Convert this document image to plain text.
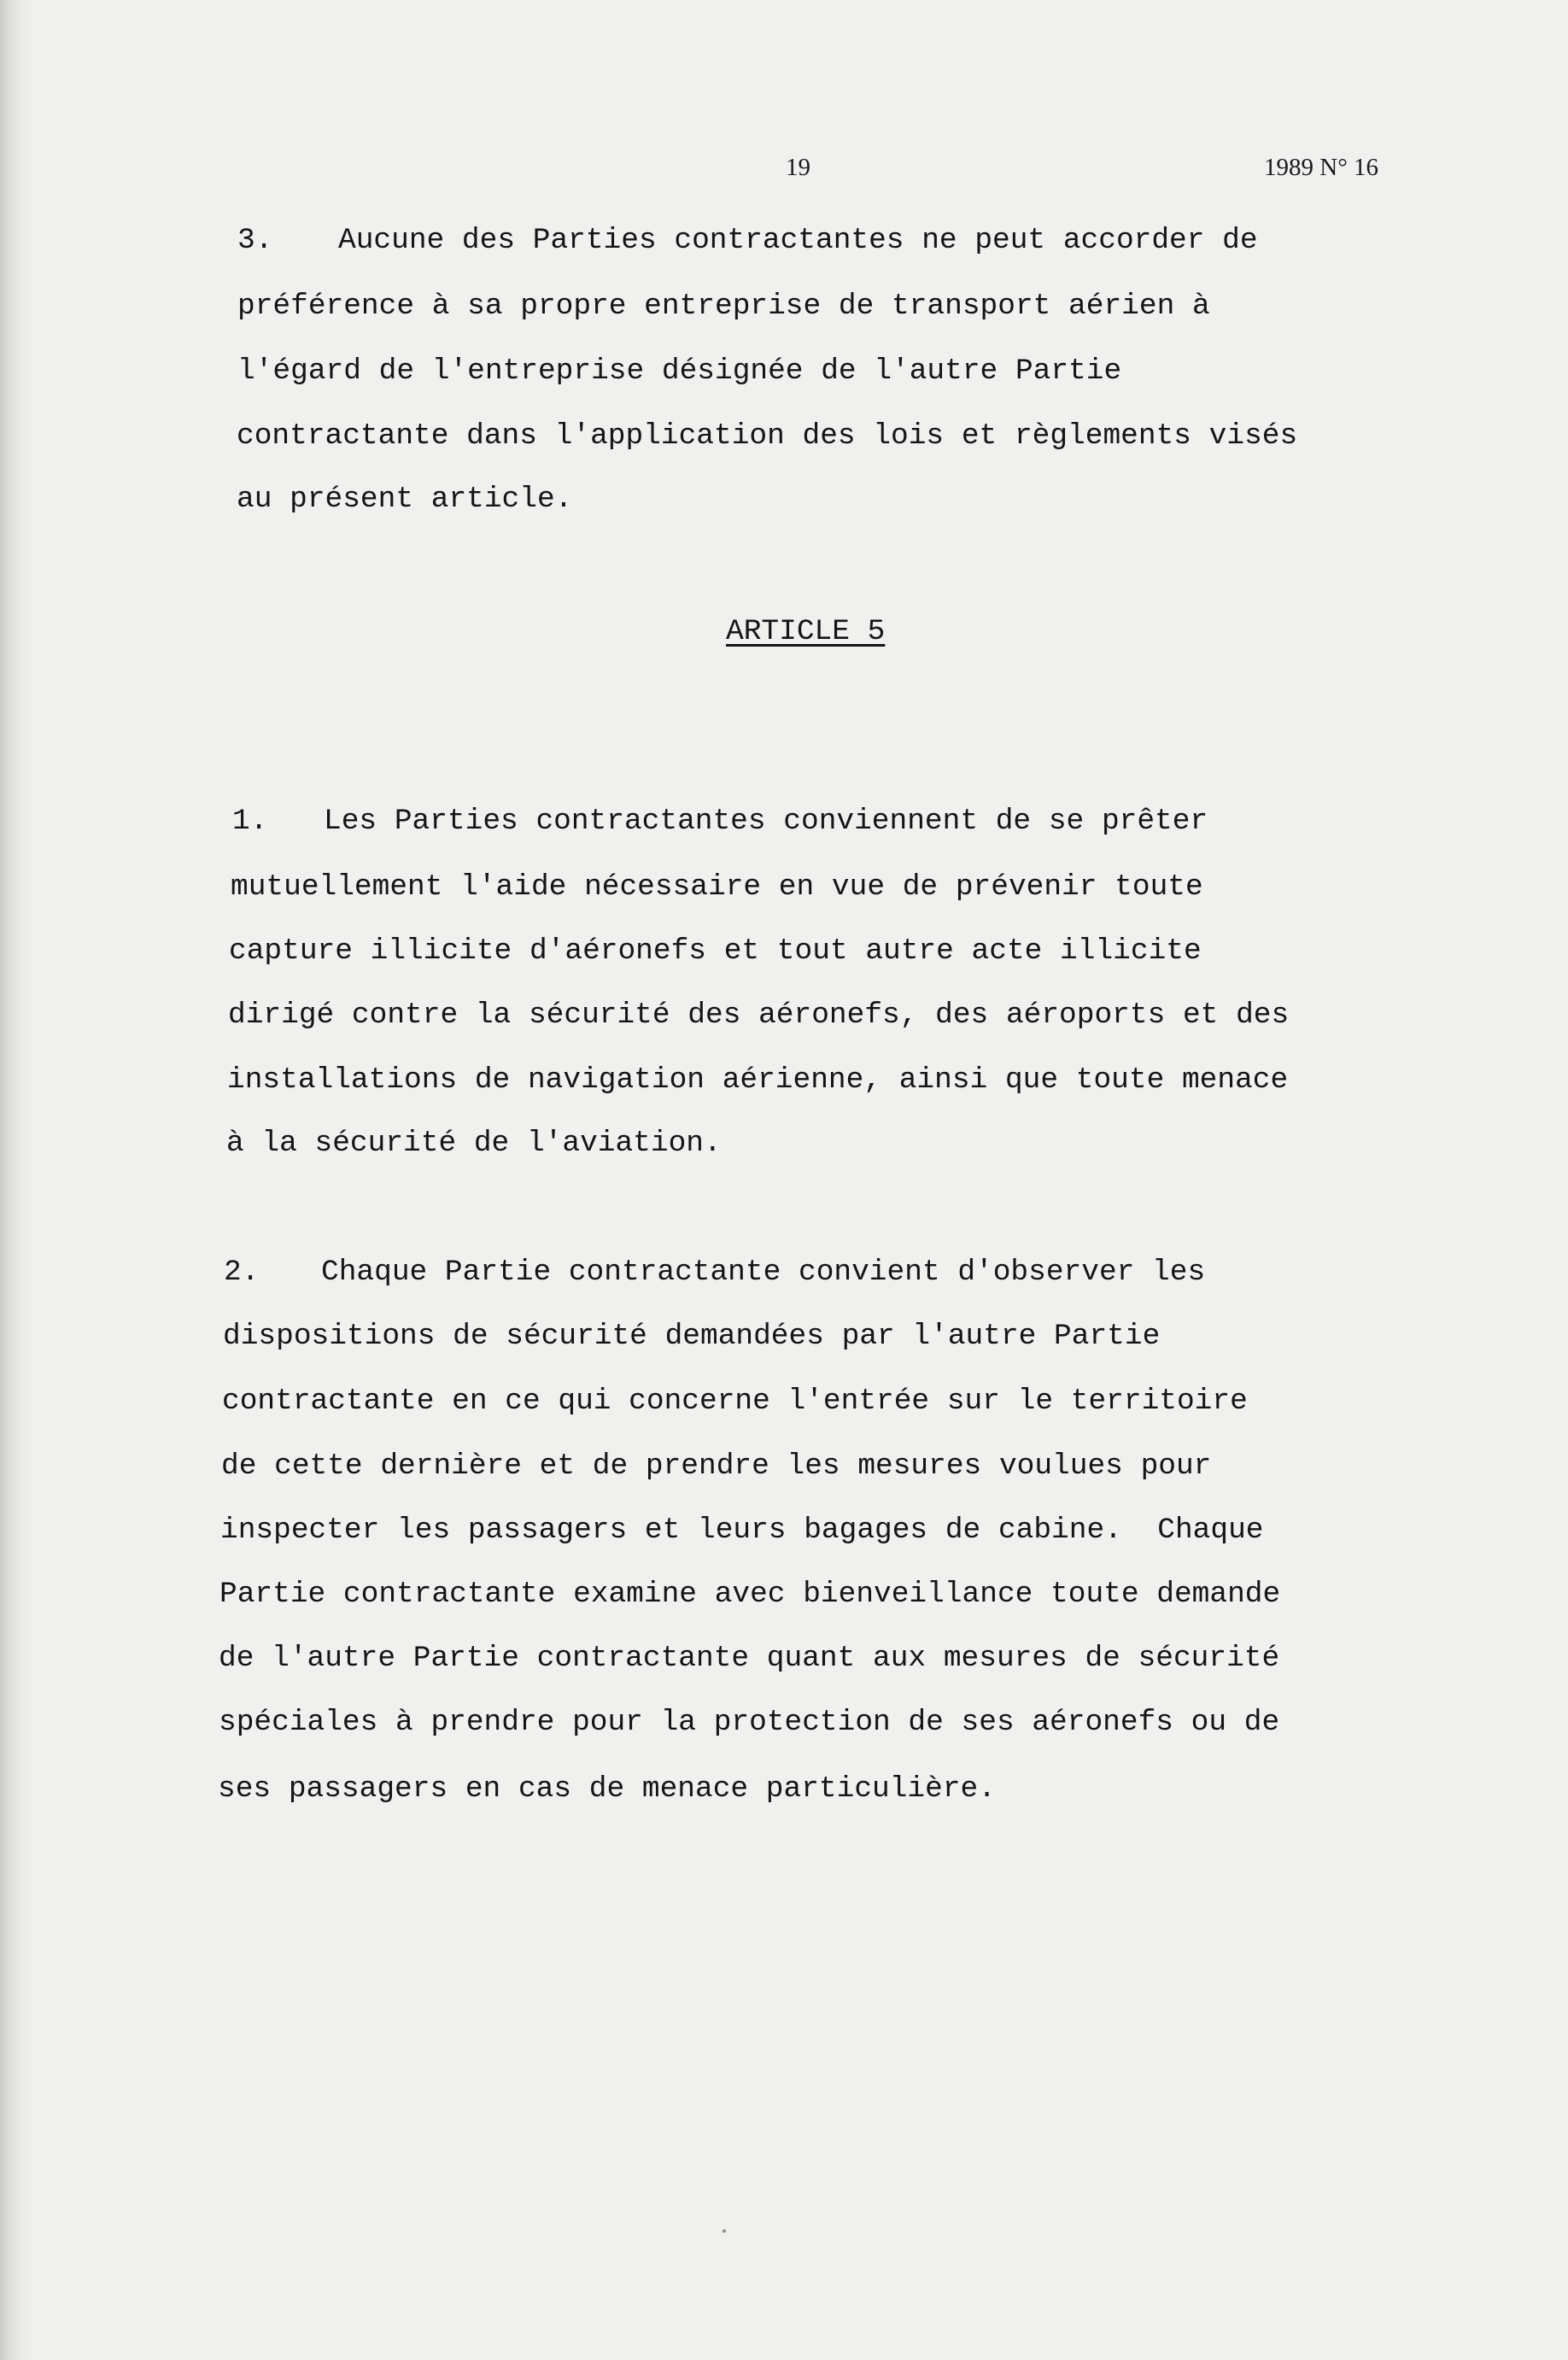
19	1989 N° 16
3. Aucune des Parties contractantes ne peut accorder de
préférence à sa propre entreprise de transport aérien à
l'égard de l'entreprise désignée de l'autre Partie
contractante dans l'application des lois et règlements visés
au présent article.
ARTICLE 5
1. Les Parties contractantes conviennent de se prêter
mutuellement l'aide nécessaire en vue de prévenir toute
capture illicite d'aéronefs et tout autre acte illicite
dirigé contre la sécurité des aéronefs, des aéroports et des
installations de navigation aérienne, ainsi que toute menace
à la sécurité de l'aviation.
2. Chaque Partie contractante convient d'observer les
dispositions de sécurité demandées par l'autre Partie
contractante en ce qui concerne l'entrée sur le territoire
de cette dernière et de prendre les mesures voulues pour
inspecter les passagers et leurs bagages de cabine.  Chaque
Partie contractante examine avec bienveillance toute demande
de l'autre Partie contractante quant aux mesures de sécurité
spéciales à prendre pour la protection de ses aéronefs ou de
ses passagers en cas de menace particulière.
